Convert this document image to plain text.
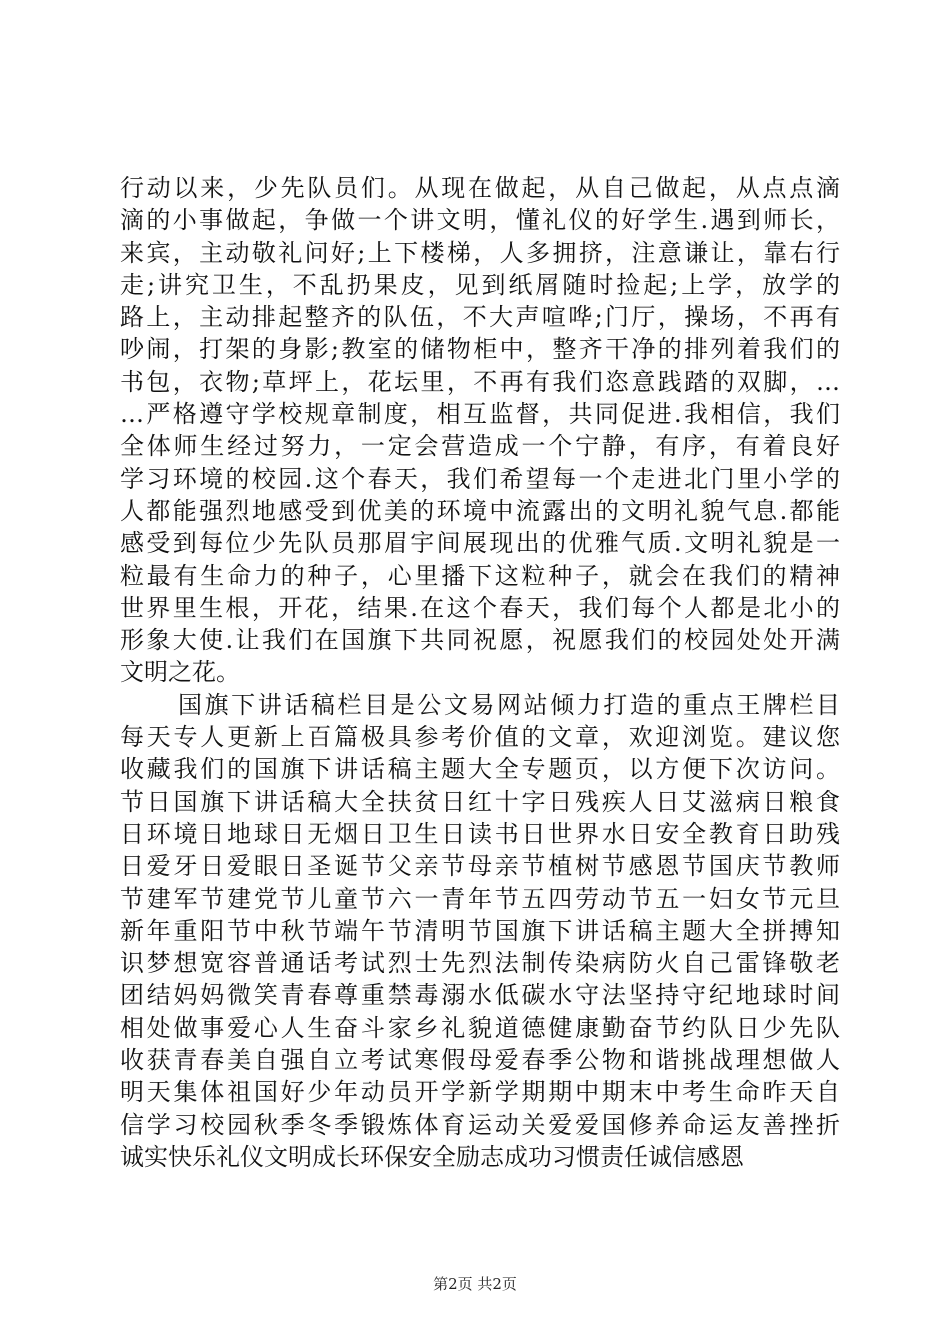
行动以来，少先队员们。从现在做起，从自己做起，从点点滴
滴的小事做起，争做一个讲文明，懂礼仪的好学生.遇到师长，
来宾，主动敬礼问好;上下楼梯，人多拥挤，注意谦让，靠右行
走;讲究卫生，不乱扔果皮，见到纸屑随时捡起;上学，放学的
路上，主动排起整齐的队伍，不大声喧哗;门厅，操场，不再有
吵闹，打架的身影;教室的储物柜中，整齐干净的排列着我们的
书包，衣物;草坪上，花坛里，不再有我们恣意践踏的双脚，…
…严格遵守学校规章制度，相互监督，共同促进.我相信，我们
全体师生经过努力，一定会营造成一个宁静，有序，有着良好
学习环境的校园.这个春天，我们希望每一个走进北门里小学的
人都能强烈地感受到优美的环境中流露出的文明礼貌气息.都能
感受到每位少先队员那眉宇间展现出的优雅气质.文明礼貌是一
粒最有生命力的种子，心里播下这粒种子，就会在我们的精神
世界里生根，开花，结果.在这个春天，我们每个人都是北小的
形象大使.让我们在国旗下共同祝愿，祝愿我们的校园处处开满
文明之花。
国旗下讲话稿栏目是公文易网站倾力打造的重点王牌栏目
每天专人更新上百篇极具参考价值的文章，欢迎浏览。建议您
收藏我们的国旗下讲话稿主题大全专题页，以方便下次访问。
节日国旗下讲话稿大全扶贫日红十字日残疾人日艾滋病日粮食
日环境日地球日无烟日卫生日读书日世界水日安全教育日助残
日爱牙日爱眼日圣诞节父亲节母亲节植树节感恩节国庆节教师
节建军节建党节儿童节六一青年节五四劳动节五一妇女节元旦
新年重阳节中秋节端午节清明节国旗下讲话稿主题大全拼搏知
识梦想宽容普通话考试烈士先烈法制传染病防火自己雷锋敬老
团结妈妈微笑青春尊重禁毒溺水低碳水守法坚持守纪地球时间
相处做事爱心人生奋斗家乡礼貌道德健康勤奋节约队日少先队
收获青春美自强自立考试寒假母爱春季公物和谐挑战理想做人
明天集体祖国好少年动员开学新学期期中期末中考生命昨天自
信学习校园秋季冬季锻炼体育运动关爱爱国修养命运友善挫折
诚实快乐礼仪文明成长环保安全励志成功习惯责任诚信感恩
第2页 共2页
